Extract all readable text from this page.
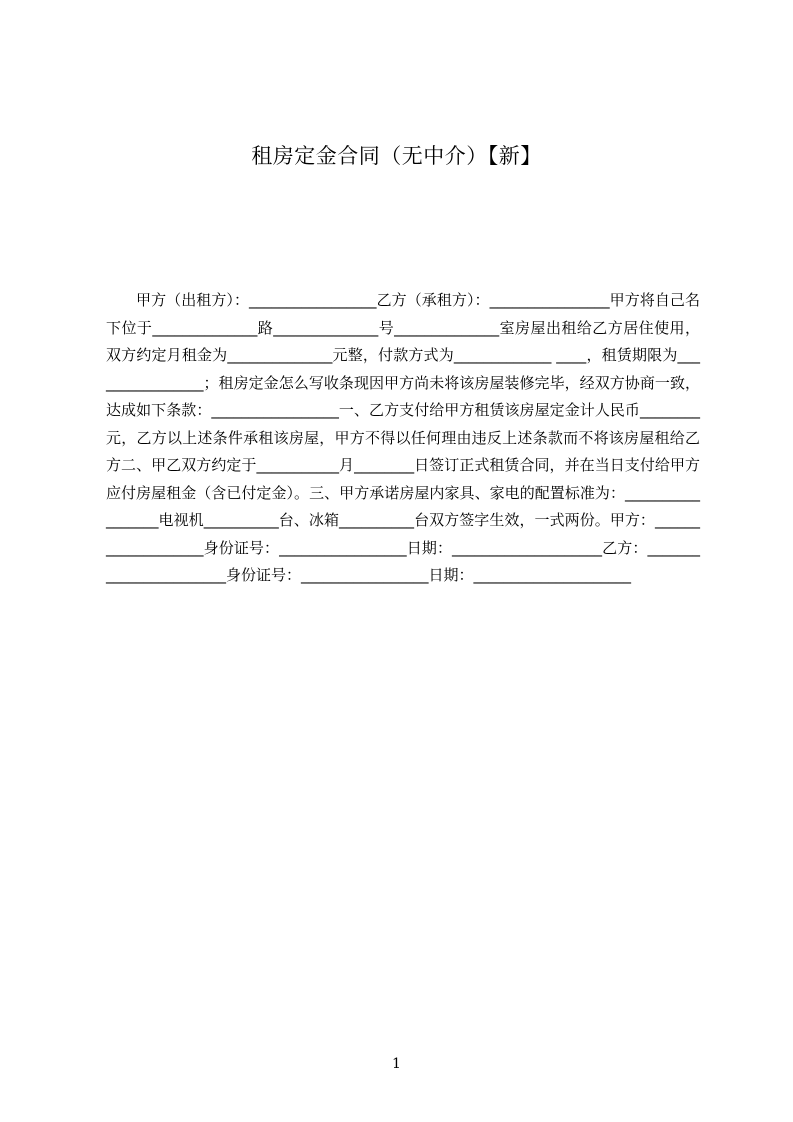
租房定金合同（无中介）【新】

甲方（出租方）：_________________乙方（承租方）：________________甲方将自己名下位于______________路______________号______________室房屋出租给乙方居住使用，双方约定月租金为______________元整，付款方式为_____________ ____，租赁期限为________________；租房定金怎么写收条现因甲方尚未将该房屋装修完毕，经双方协商一致，达成如下条款：_________________一、乙方支付给甲方租赁该房屋定金计人民币________元，乙方以上述条件承租该房屋，甲方不得以任何理由违反上述条款而不将该房屋租给乙方二、甲乙双方约定于___________月________日签订正式租赁合同，并在当日支付给甲方应付房屋租金（含已付定金）。三、甲方承诺房屋内家具、家电的配置标准为：_________________电视机__________台、冰箱__________台双方签字生效，一式两份。甲方：___________________身份证号：_________________日期：____________________乙方：_______________________身份证号：_________________日期：_____________________

1
